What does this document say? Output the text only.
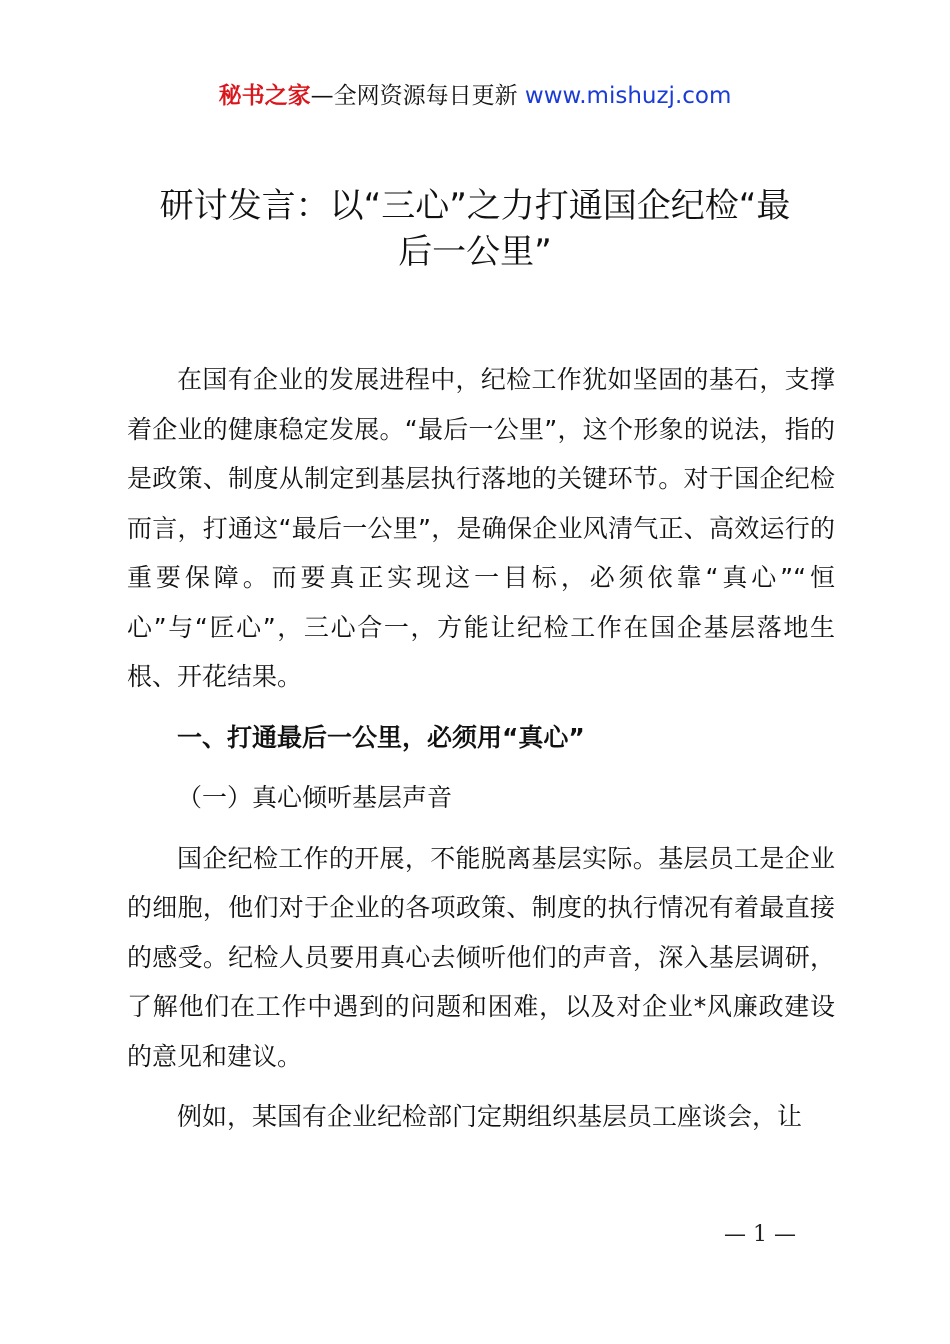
秘书之家—全网资源每日更新 www.mishuzj.com

研讨发言：以“三心”之力打通国企纪检“最

后一公里”

在国有企业的发展进程中，纪检工作犹如坚固的基石，支撑着企业的健康稳定发展。“最后一公里”，这个形象的说法，指的是政策、制度从制定到基层执行落地的关键环节。对于国企纪检而言，打通这“最后一公里”，是确保企业风清气正、高效运行的重要保障。而要真正实现这一目标，必须依靠“真心”“恒心”与“匠心”，三心合一，方能让纪检工作在国企基层落地生根、开花结果。

一、打通最后一公里，必须用“真心”

（一）真心倾听基层声音

国企纪检工作的开展，不能脱离基层实际。基层员工是企业的细胞，他们对于企业的各项政策、制度的执行情况有着最直接的感受。纪检人员要用真心去倾听他们的声音，深入基层调研，了解他们在工作中遇到的问题和困难，以及对企业*风廉政建设的意见和建议。

例如，某国有企业纪检部门定期组织基层员工座谈会，让

— 1 —
